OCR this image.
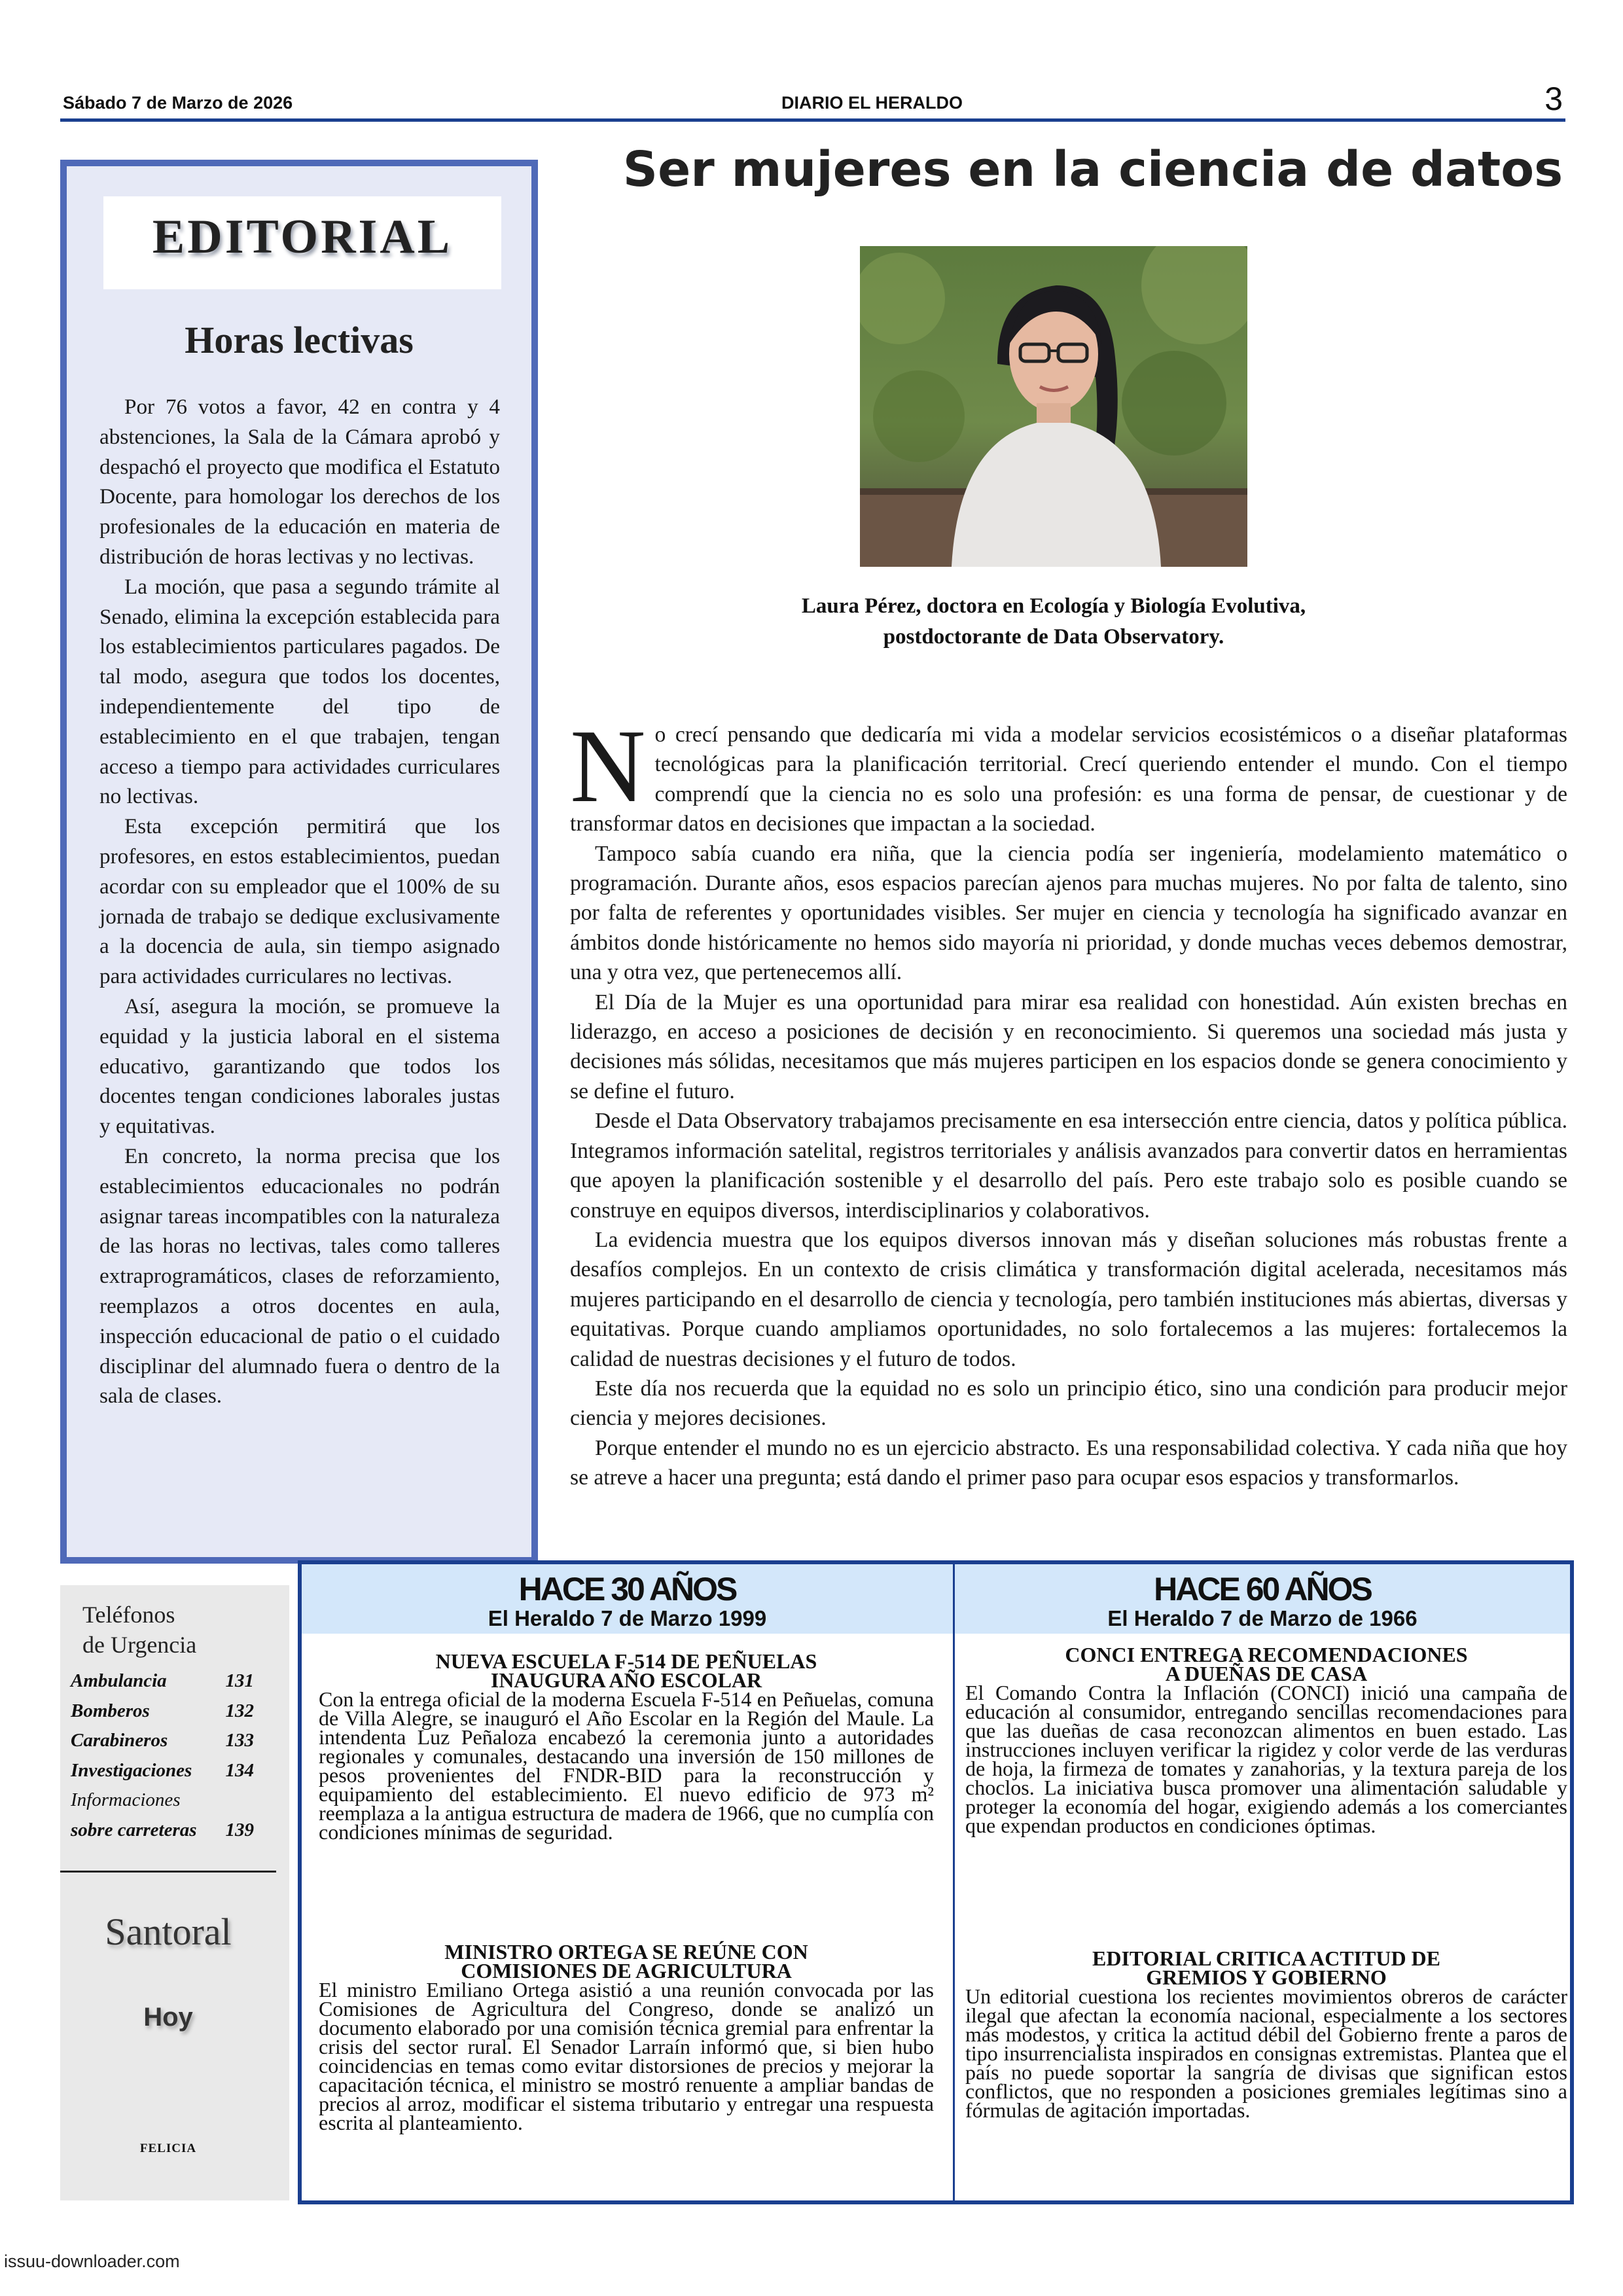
Sábado 7 de Marzo de 2026	DIARIO EL HERALDO	3
EDITORIAL
Horas lectivas

Por 76 votos a favor, 42 en contra y 4 abstenciones, la Sala de la Cámara aprobó y despachó el proyecto que modifica el Estatuto Docente, para homologar los derechos de los profesionales de la educación en materia de distribución de horas lectivas y no lectivas.

La moción, que pasa a segundo trámite al Senado, elimina la excepción establecida para los establecimientos particulares pagados. De tal modo, asegura que todos los docentes, independientemente del tipo de establecimiento en el que trabajen, tengan acceso a tiempo para actividades curriculares no lectivas.

Esta excepción permitirá que los profesores, en estos establecimientos, puedan acordar con su empleador que el 100% de su jornada de trabajo se dedique exclusivamente a la docencia de aula, sin tiempo asignado para actividades curriculares no lectivas.

Así, asegura la moción, se promueve la equidad y la justicia laboral en el sistema educativo, garantizando que todos los docentes tengan condiciones laborales justas y equitativas.

En concreto, la norma precisa que los establecimientos educacionales no podrán asignar tareas incompatibles con la naturaleza de las horas no lectivas, tales como talleres extraprogramáticos, clases de reforzamiento, reemplazos a otros docentes en aula, inspección educacional de patio o el cuidado disciplinar del alumnado fuera o dentro de la sala de clases.

Ser mujeres en la ciencia de datos
Laura Pérez, doctora en Ecología y Biología Evolutiva,
postdoctorante de Data Observatory.

No crecí pensando que dedicaría mi vida a modelar servicios ecosistémicos o a diseñar plataformas tecnológicas para la planificación territorial. Crecí queriendo entender el mundo. Con el tiempo comprendí que la ciencia no es solo una profesión: es una forma de pensar, de cuestionar y de transformar datos en decisiones que impactan a la sociedad.

Tampoco sabía cuando era niña, que la ciencia podía ser ingeniería, modelamiento matemático o programación. Durante años, esos espacios parecían ajenos para muchas mujeres. No por falta de talento, sino por falta de referentes y oportunidades visibles. Ser mujer en ciencia y tecnología ha significado avanzar en ámbitos donde históricamente no hemos sido mayoría ni prioridad, y donde muchas veces debemos demostrar, una y otra vez, que pertenecemos allí.

El Día de la Mujer es una oportunidad para mirar esa realidad con honestidad. Aún existen brechas en liderazgo, en acceso a posiciones de decisión y en reconocimiento. Si queremos una sociedad más justa y decisiones más sólidas, necesitamos que más mujeres participen en los espacios donde se genera conocimiento y se define el futuro.

Desde el Data Observatory trabajamos precisamente en esa intersección entre ciencia, datos y política pública. Integramos información satelital, registros territoriales y análisis avanzados para convertir datos en herramientas que apoyen la planificación sostenible y el desarrollo del país. Pero este trabajo solo es posible cuando se construye en equipos diversos, interdisciplinarios y colaborativos.

La evidencia muestra que los equipos diversos innovan más y diseñan soluciones más robustas frente a desafíos complejos. En un contexto de crisis climática y transformación digital acelerada, necesitamos más mujeres participando en el desarrollo de ciencia y tecnología, pero también instituciones más abiertas, diversas y equitativas. Porque cuando ampliamos oportunidades, no solo fortalecemos a las mujeres: fortalecemos la calidad de nuestras decisiones y el futuro de todos.

Este día nos recuerda que la equidad no es solo un principio ético, sino una condición para producir mejor ciencia y mejores decisiones.

Porque entender el mundo no es un ejercicio abstracto. Es una responsabilidad colectiva. Y cada niña que hoy se atreve a hacer una pregunta; está dando el primer paso para ocupar esos espacios y transformarlos.

Teléfonos
de Urgencia
Ambulancia	131
Bomberos	132
Carabineros	133
Investigaciones 134
Informaciones
sobre carreteras 139
Santoral
Hoy
FELICIA
HACE 30 AÑOS
El Heraldo 7 de Marzo 1999
NUEVA ESCUELA F-514 DE PEÑUELAS
INAUGURA AÑO ESCOLAR
Con la entrega oficial de la moderna Escuela F-514 en Peñuelas, comuna de Villa Alegre, se inauguró el Año Escolar en la Región del Maule. La intendenta Luz Peñaloza encabezó la ceremonia junto a autoridades regionales y comunales, destacando una inversión de 150 millones de pesos provenientes del FNDR-BID para la reconstrucción y equipamiento del establecimiento. El nuevo edificio de 973 m² reemplaza a la antigua estructura de madera de 1966, que no cumplía con condiciones mínimas de seguridad.
MINISTRO ORTEGA SE REÚNE CON
COMISIONES DE AGRICULTURA
El ministro Emiliano Ortega asistió a una reunión convocada por las Comisiones de Agricultura del Congreso, donde se analizó un documento elaborado por una comisión técnica gremial para enfrentar la crisis del sector rural. El Senador Larraín informó que, si bien hubo coincidencias en temas como evitar distorsiones de precios y mejorar la capacitación técnica, el ministro se mostró renuente a ampliar bandas de precios al arroz, modificar el sistema tributario y entregar una respuesta escrita al planteamiento.
HACE 60 AÑOS
El Heraldo 7 de Marzo de 1966
CONCI ENTREGA RECOMENDACIONES
A DUEÑAS DE CASA
El Comando Contra la Inflación (CONCI) inició una campaña de educación al consumidor, entregando sencillas recomendaciones para que las dueñas de casa reconozcan alimentos en buen estado. Las instrucciones incluyen verificar la rigidez y color verde de las verduras de hoja, la firmeza de tomates y zanahorias, y la textura pareja de los choclos. La iniciativa busca promover una alimentación saludable y proteger la economía del hogar, exigiendo además a los comerciantes que expendan productos en condiciones óptimas.
EDITORIAL CRITICA ACTITUD DE
GREMIOS Y GOBIERNO
Un editorial cuestiona los recientes movimientos obreros de carácter ilegal que afectan la economía nacional, especialmente a los sectores más modestos, y critica la actitud débil del Gobierno frente a paros de tipo insurrencialista inspirados en consignas extremistas. Plantea que el país no puede soportar la sangría de divisas que significan estos conflictos, que no responden a posiciones gremiales legítimas sino a fórmulas de agitación importadas.
issuu-downloader.com
